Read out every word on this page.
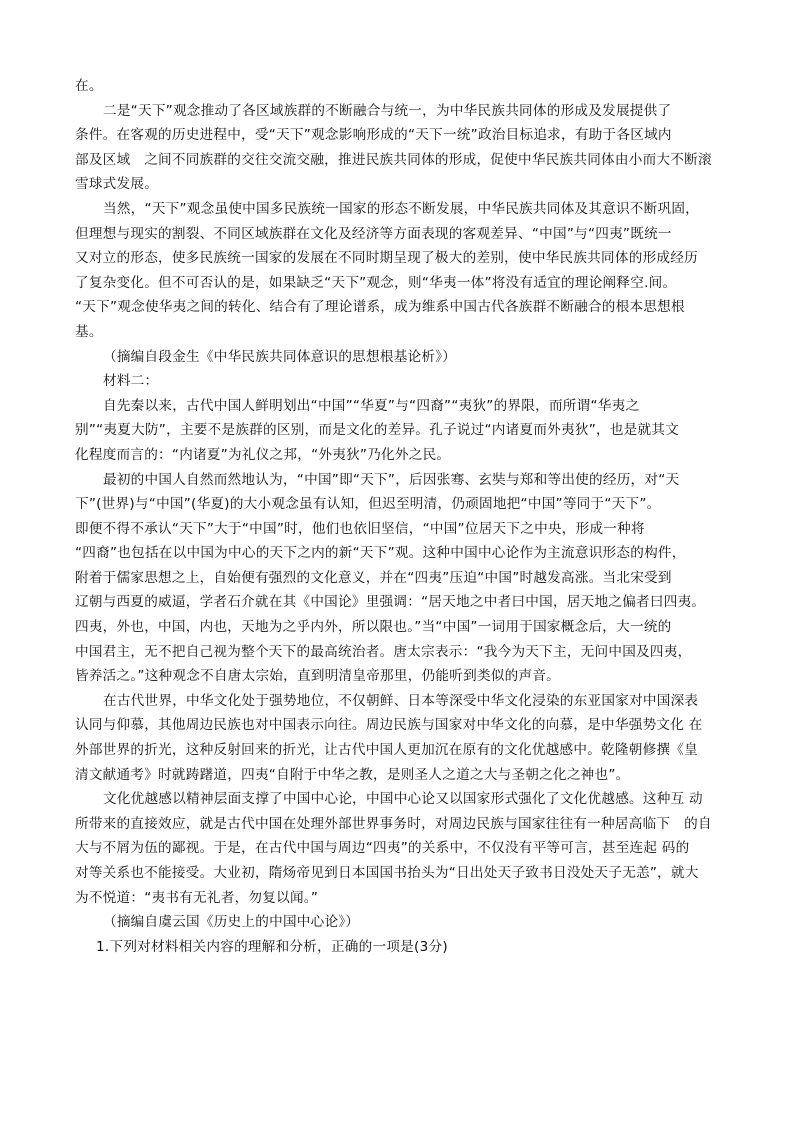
在。

二是“天下”观念推动了各区域族群的不断融合与统一，为中华民族共同体的形成及发展提供了

条件。在客观的历史进程中，受“天下”观念影响形成的“天下一统”政治目标追求，有助于各区域内

部及区域　之间不同族群的交往交流交融，推进民族共同体的形成，促使中华民族共同体由小而大不断滚

雪球式发展。

当然，“天下”观念虽使中国多民族统一国家的形态不断发展，中华民族共同体及其意识不断巩固，

但理想与现实的割裂、不同区域族群在文化及经济等方面表现的客观差异、“中国”与“四夷”既统一

又对立的形态，使多民族统一国家的发展在不同时期呈现了极大的差别，使中华民族共同体的形成经历

了复杂变化。但不可否认的是，如果缺乏“天下”观念，则“华夷一体”将没有适宜的理论阐释空.间。

“天下”观念使华夷之间的转化、结合有了理论谱系，成为维系中国古代各族群不断融合的根本思想根

基。

（摘编自段金生《中华民族共同体意识的思想根基论析》）

材料二：

自先秦以来，古代中国人鲜明划出“中国”“华夏”与“四裔”“夷狄”的界限，而所谓“华夷之

别”“夷夏大防”，主要不是族群的区别，而是文化的差异。孔子说过“内诸夏而外夷狄”，也是就其文

化程度而言的：“内诸夏”为礼仪之邦，“外夷狄”乃化外之民。

最初的中国人自然而然地认为，“中国”即“天下”，后因张骞、玄奘与郑和等出使的经历，对“天

下”(世界)与“中国”(华夏)的大小观念虽有认知，但迟至明清，仍顽固地把“中国”等同于“天下”。

即便不得不承认“天下”大于“中国”时，他们也依旧坚信，“中国”位居天下之中央，形成一种将

“四裔”也包括在以中国为中心的天下之内的新“天下”观。这种中国中心论作为主流意识形态的构件，

附着于儒家思想之上，自始便有强烈的文化意义，并在“四夷”压迫“中国”时越发高涨。当北宋受到

辽朝与西夏的威逼，学者石介就在其《中国论》里强调：“居天地之中者曰中国，居天地之偏者曰四夷。

四夷，外也，中国，内也，天地为之乎内外，所以限也。”当“中国”一词用于国家概念后，大一统的

中国君主，无不把自己视为整个天下的最高统治者。唐太宗表示：“我今为天下主，无问中国及四夷，

皆养活之。”这种观念不自唐太宗始，直到明清皇帝那里，仍能听到类似的声音。

在古代世界，中华文化处于强势地位，不仅朝鲜、日本等深受中华文化浸染的东亚国家对中国深表

认同与仰慕，其他周边民族也对中国表示向往。周边民族与国家对中华文化的向慕，是中华强势文化 在

外部世界的折光，这种反射回来的折光，让古代中国人更加沉在原有的文化优越感中。乾隆朝修撰《皇

清文献通考》时就踌躇道，四夷“自附于中华之教，是则圣人之道之大与圣朝之化之神也”。

文化优越感以精神层面支撑了中国中心论，中国中心论又以国家形式强化了文化优越感。这种互 动

所带来的直接效应，就是古代中国在处理外部世界事务时，对周边民族与国家往往有一种居高临下　的自

大与不屑为伍的鄙视。于是，在古代中国与周边“四夷”的关系中，不仅没有平等可言，甚至连起 码的

对等关系也不能接受。大业初，隋炀帝见到日本国国书抬头为“日出处天子致书日没处天子无恙”，就大

为不悦道：“夷书有无礼者，勿复以闻。”

（摘编自虞云国《历史上的中国中心论》）

1.下列对材料相关内容的理解和分析，正确的一项是(3分)
